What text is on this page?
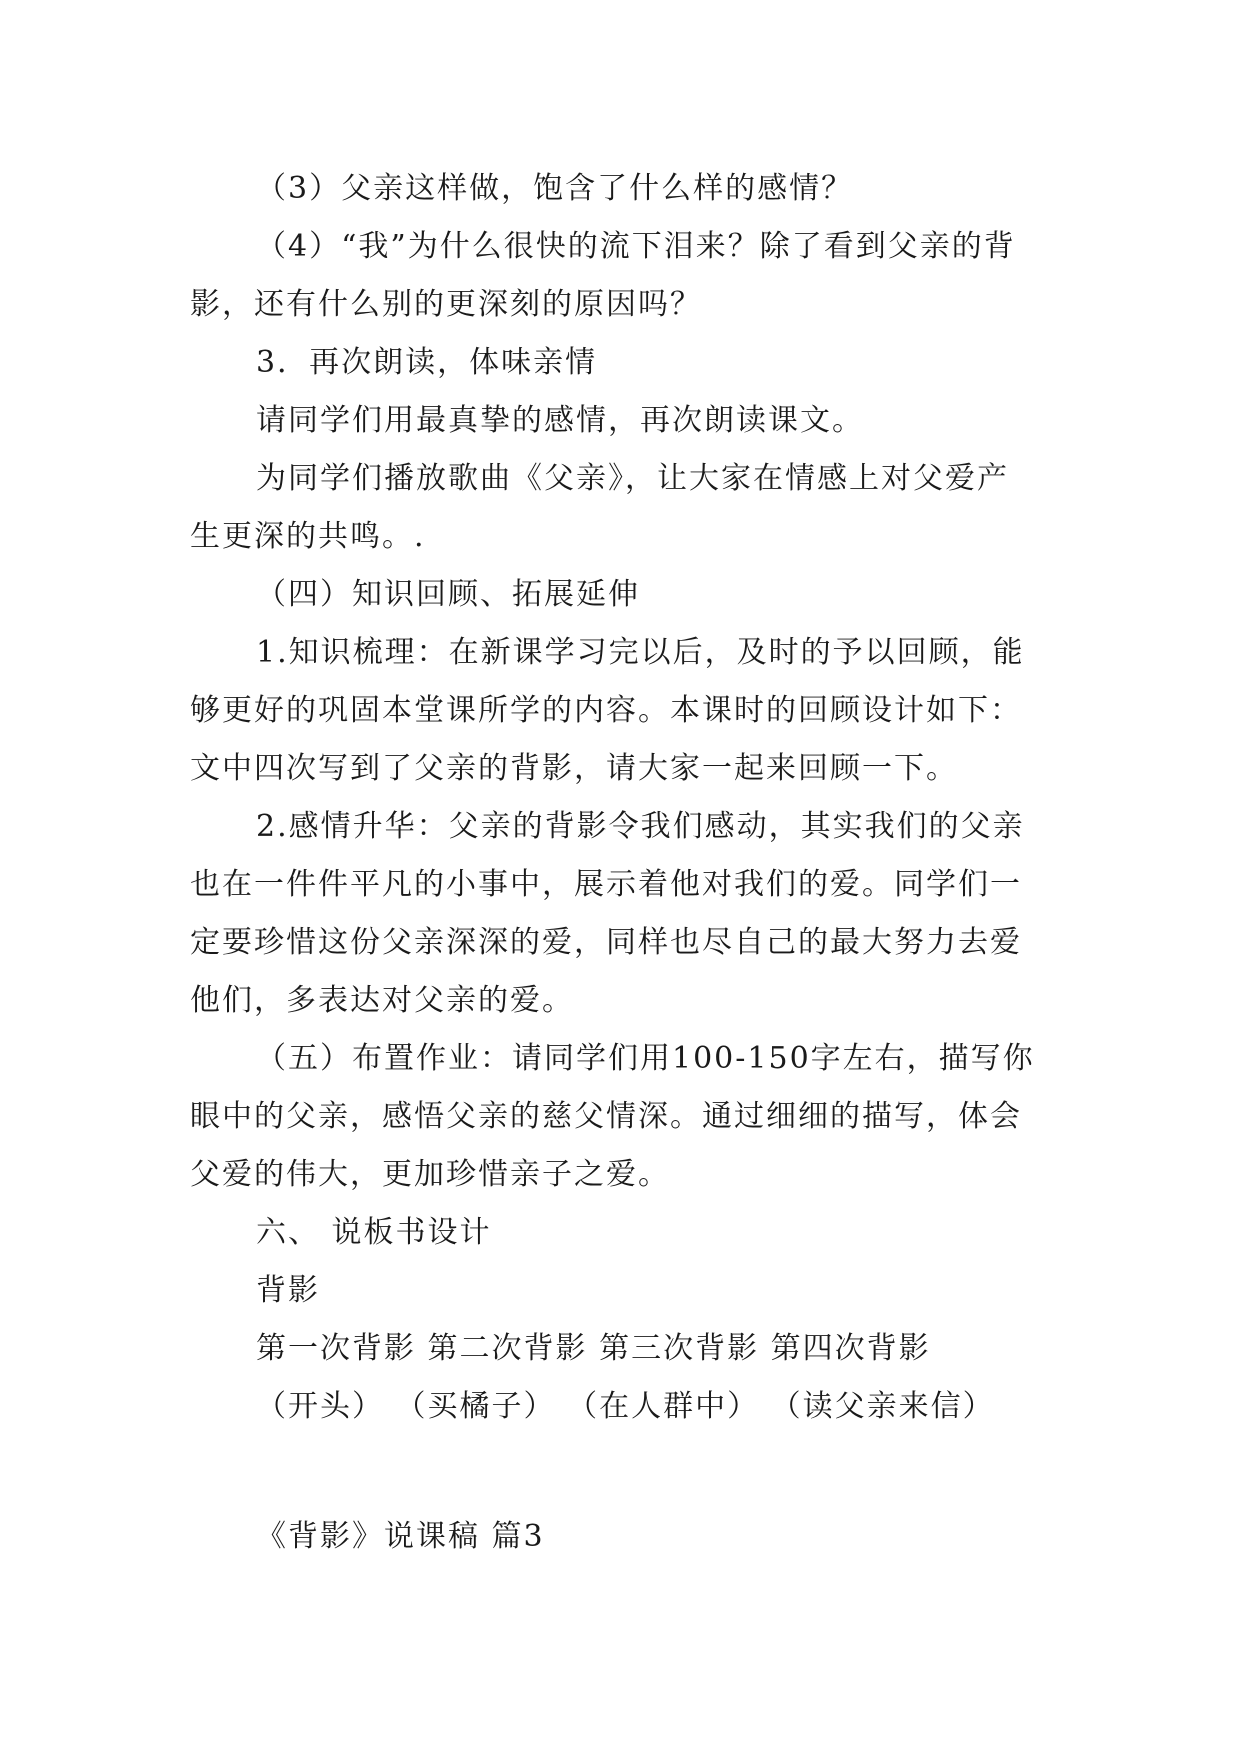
（3）父亲这样做，饱含了什么样的感情？
（4）“我”为什么很快的流下泪来？除了看到父亲的背
影，还有什么别的更深刻的原因吗？
3．再次朗读，体味亲情
请同学们用最真挚的感情，再次朗读课文。
为同学们播放歌曲《父亲》，让大家在情感上对父爱产
生更深的共鸣。.
（四）知识回顾、拓展延伸
1.知识梳理：在新课学习完以后，及时的予以回顾，能
够更好的巩固本堂课所学的内容。本课时的回顾设计如下：
文中四次写到了父亲的背影，请大家一起来回顾一下。
2.感情升华：父亲的背影令我们感动，其实我们的父亲
也在一件件平凡的小事中，展示着他对我们的爱。同学们一
定要珍惜这份父亲深深的爱，同样也尽自己的最大努力去爱
他们，多表达对父亲的爱。
（五）布置作业：请同学们用100-150字左右，描写你
眼中的父亲，感悟父亲的慈父情深。通过细细的描写，体会
父爱的伟大，更加珍惜亲子之爱。
六、 说板书设计
背影
第一次背影 第二次背影 第三次背影 第四次背影
（开头） （买橘子） （在人群中） （读父亲来信）
《背影》说课稿 篇3
